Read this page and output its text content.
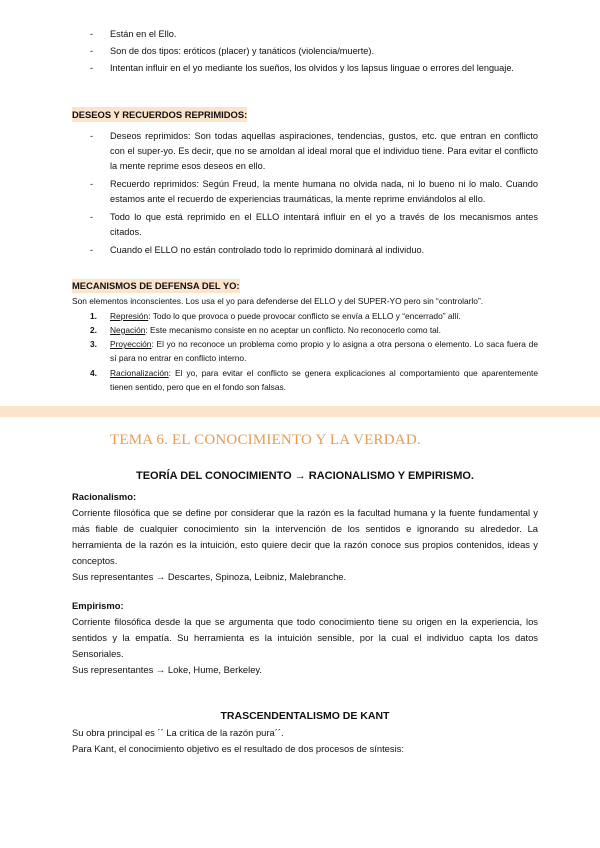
- Están en el Ello.
- Son de dos tipos: eróticos (placer) y tanáticos (violencia/muerte).
- Intentan influir en el yo mediante los sueños, los olvidos y los lapsus linguae o errores del lenguaje.
DESEOS Y RECUERDOS REPRIMIDOS:
- Deseos reprimidos: Son todas aquellas aspiraciones, tendencias, gustos, etc. que entran en conflicto con el super-yo. Es decir, que no se amoldan al ideal moral que el individuo tiene. Para evitar el conflicto la mente reprime esos deseos en ello.
- Recuerdo reprimidos: Según Freud, la mente humana no olvida nada, ni lo bueno ni lo malo. Cuando estamos ante el recuerdo de experiencias traumáticas, la mente reprime enviándolos al ello.
- Todo lo que está reprimido en el ELLO intentará influir en el yo a través de los mecanismos antes citados.
- Cuando el ELLO no están controlado todo lo reprimido dominará al individuo.
MECANISMOS DE DEFENSA DEL YO:
Son elementos inconscientes. Los usa el yo para defenderse del ELLO y del SUPER-YO pero sin “controlarlo”.
1. Represión: Todo lo que provoca o puede provocar conflicto se envía a ELLO y “encerrado” allí.
2. Negación: Este mecanismo consiste en no aceptar un conflicto. No reconocerlo como tal.
3. Proyección: El yo no reconoce un problema como propio y lo asigna a otra persona o elemento. Lo saca fuera de sí para no entrar en conflicto interno.
4. Racionalización: El yo, para evitar el conflicto se genera explicaciones al comportamiento que aparentemente tienen sentido, pero que en el fondo son falsas.
TEMA 6. EL CONOCIMIENTO Y LA VERDAD.
TEORÍA DEL CONOCIMIENTO → RACIONALISMO Y EMPIRISMO.
Racionalismo:

Corriente filosófica que se define por considerar que la razón es la facultad humana y la fuente fundamental y más fiable de cualquier conocimiento sin la intervención de los sentidos e ignorando su alrededor. La herramienta de la razón es la intuición, esto quiere decir que la razón conoce sus propios contenidos, ideas y conceptos.

Sus representantes → Descartes, Spinoza, Leibniz, Malebranche.

Empirismo:

Corriente filosófica desde la que se argumenta que todo conocimiento tiene su origen en la experiencia, los sentidos y la empatía. Su herramienta es la intuición sensible, por la cual el individuo capta los datos Sensoriales.

Sus representantes → Loke, Hume, Berkeley.

TRASCENDENTALISMO DE KANT

Su obra principal es ´´ La crítica de la razón pura´´.

Para Kant, el conocimiento objetivo es el resultado de dos procesos de síntesis:
